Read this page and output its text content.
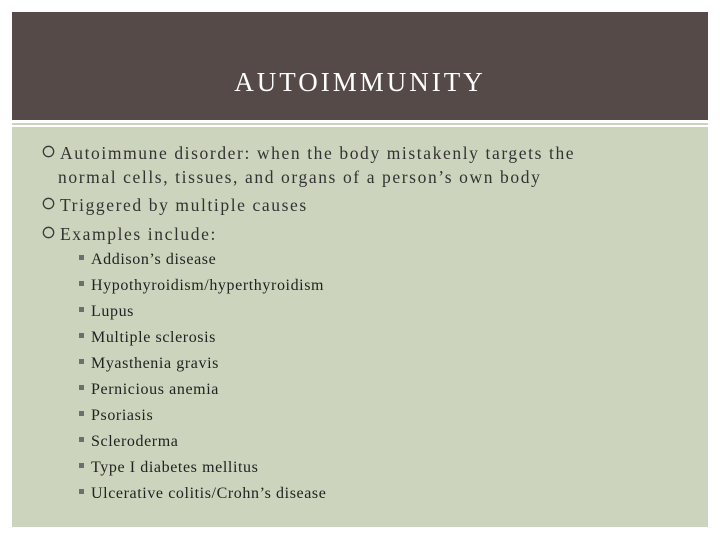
AUTOIMMUNITY
Autoimmune disorder: when the body mistakenly targets the
normal cells, tissues, and organs of a person’s own body
Triggered by multiple causes
Examples include:
Addison’s disease
Hypothyroidism/hyperthyroidism
Lupus
Multiple sclerosis
Myasthenia gravis
Pernicious anemia
Psoriasis
Scleroderma
Type I diabetes mellitus
Ulcerative colitis/Crohn’s disease
